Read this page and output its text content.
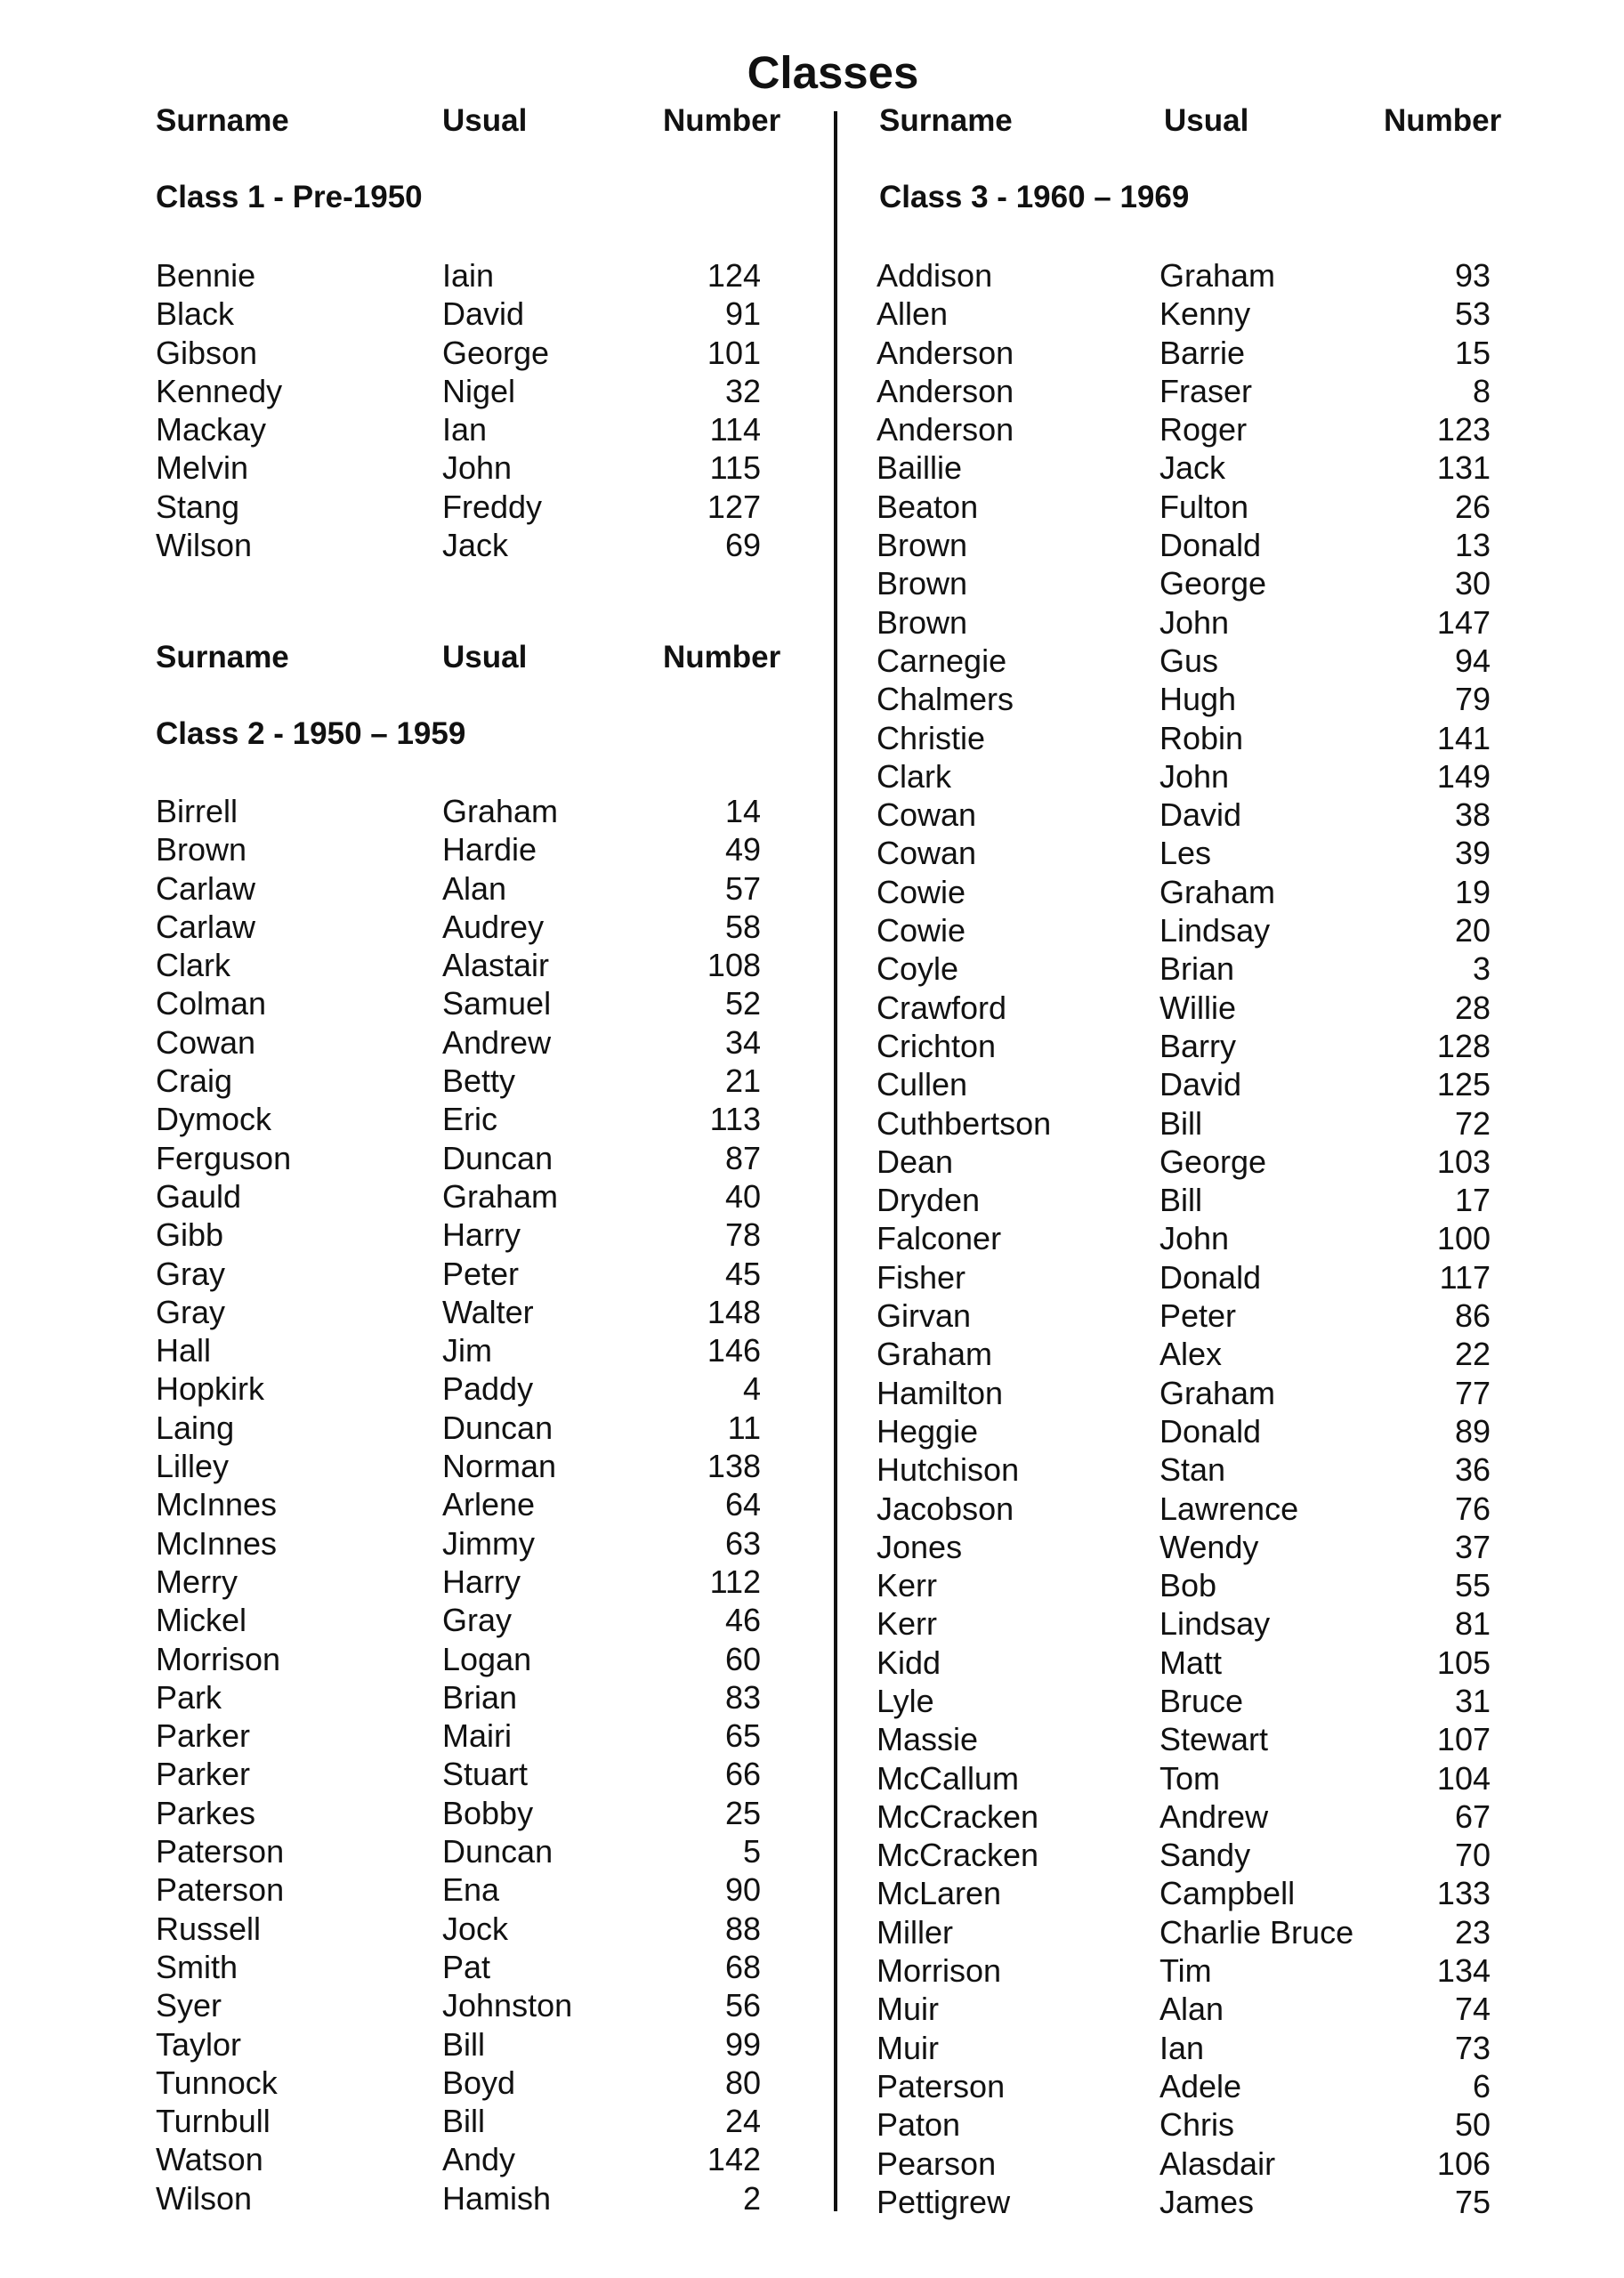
Classes
Surname	Usual	Number	Surname	Usual	Number
Class 1 - Pre-1950
Bennie	Iain	124
Black	David	91
Gibson	George	101
Kennedy	Nigel	32
Mackay	Ian	114
Melvin	John	115
Stang	Freddy	127
Wilson	Jack	69
Surname	Usual	Number
Class 2 - 1950 – 1959
Birrell	Graham	14
Brown	Hardie	49
Carlaw	Alan	57
Carlaw	Audrey	58
Clark	Alastair	108
Colman	Samuel	52
Cowan	Andrew	34
Craig	Betty	21
Dymock	Eric	113
Ferguson	Duncan	87
Gauld	Graham	40
Gibb	Harry	78
Gray	Peter	45
Gray	Walter	148
Hall	Jim	146
Hopkirk	Paddy	4
Laing	Duncan	11
Lilley	Norman	138
McInnes	Arlene	64
McInnes	Jimmy	63
Merry	Harry	112
Mickel	Gray	46
Morrison	Logan	60
Park	Brian	83
Parker	Mairi	65
Parker	Stuart	66
Parkes	Bobby	25
Paterson	Duncan	5
Paterson	Ena	90
Russell	Jock	88
Smith	Pat	68
Syer	Johnston	56
Taylor	Bill	99
Tunnock	Boyd	80
Turnbull	Bill	24
Watson	Andy	142
Wilson	Hamish	2
Class 3 - 1960 – 1969
Addison	Graham	93
Allen	Kenny	53
Anderson	Barrie	15
Anderson	Fraser	8
Anderson	Roger	123
Baillie	Jack	131
Beaton	Fulton	26
Brown	Donald	13
Brown	George	30
Brown	John	147
Carnegie	Gus	94
Chalmers	Hugh	79
Christie	Robin	141
Clark	John	149
Cowan	David	38
Cowan	Les	39
Cowie	Graham	19
Cowie	Lindsay	20
Coyle	Brian	3
Crawford	Willie	28
Crichton	Barry	128
Cullen	David	125
Cuthbertson	Bill	72
Dean	George	103
Dryden	Bill	17
Falconer	John	100
Fisher	Donald	117
Girvan	Peter	86
Graham	Alex	22
Hamilton	Graham	77
Heggie	Donald	89
Hutchison	Stan	36
Jacobson	Lawrence	76
Jones	Wendy	37
Kerr	Bob	55
Kerr	Lindsay	81
Kidd	Matt	105
Lyle	Bruce	31
Massie	Stewart	107
McCallum	Tom	104
McCracken	Andrew	67
McCracken	Sandy	70
McLaren	Campbell	133
Miller	Charlie Bruce	23
Morrison	Tim	134
Muir	Alan	74
Muir	Ian	73
Paterson	Adele	6
Paton	Chris	50
Pearson	Alasdair	106
Pettigrew	James	75
